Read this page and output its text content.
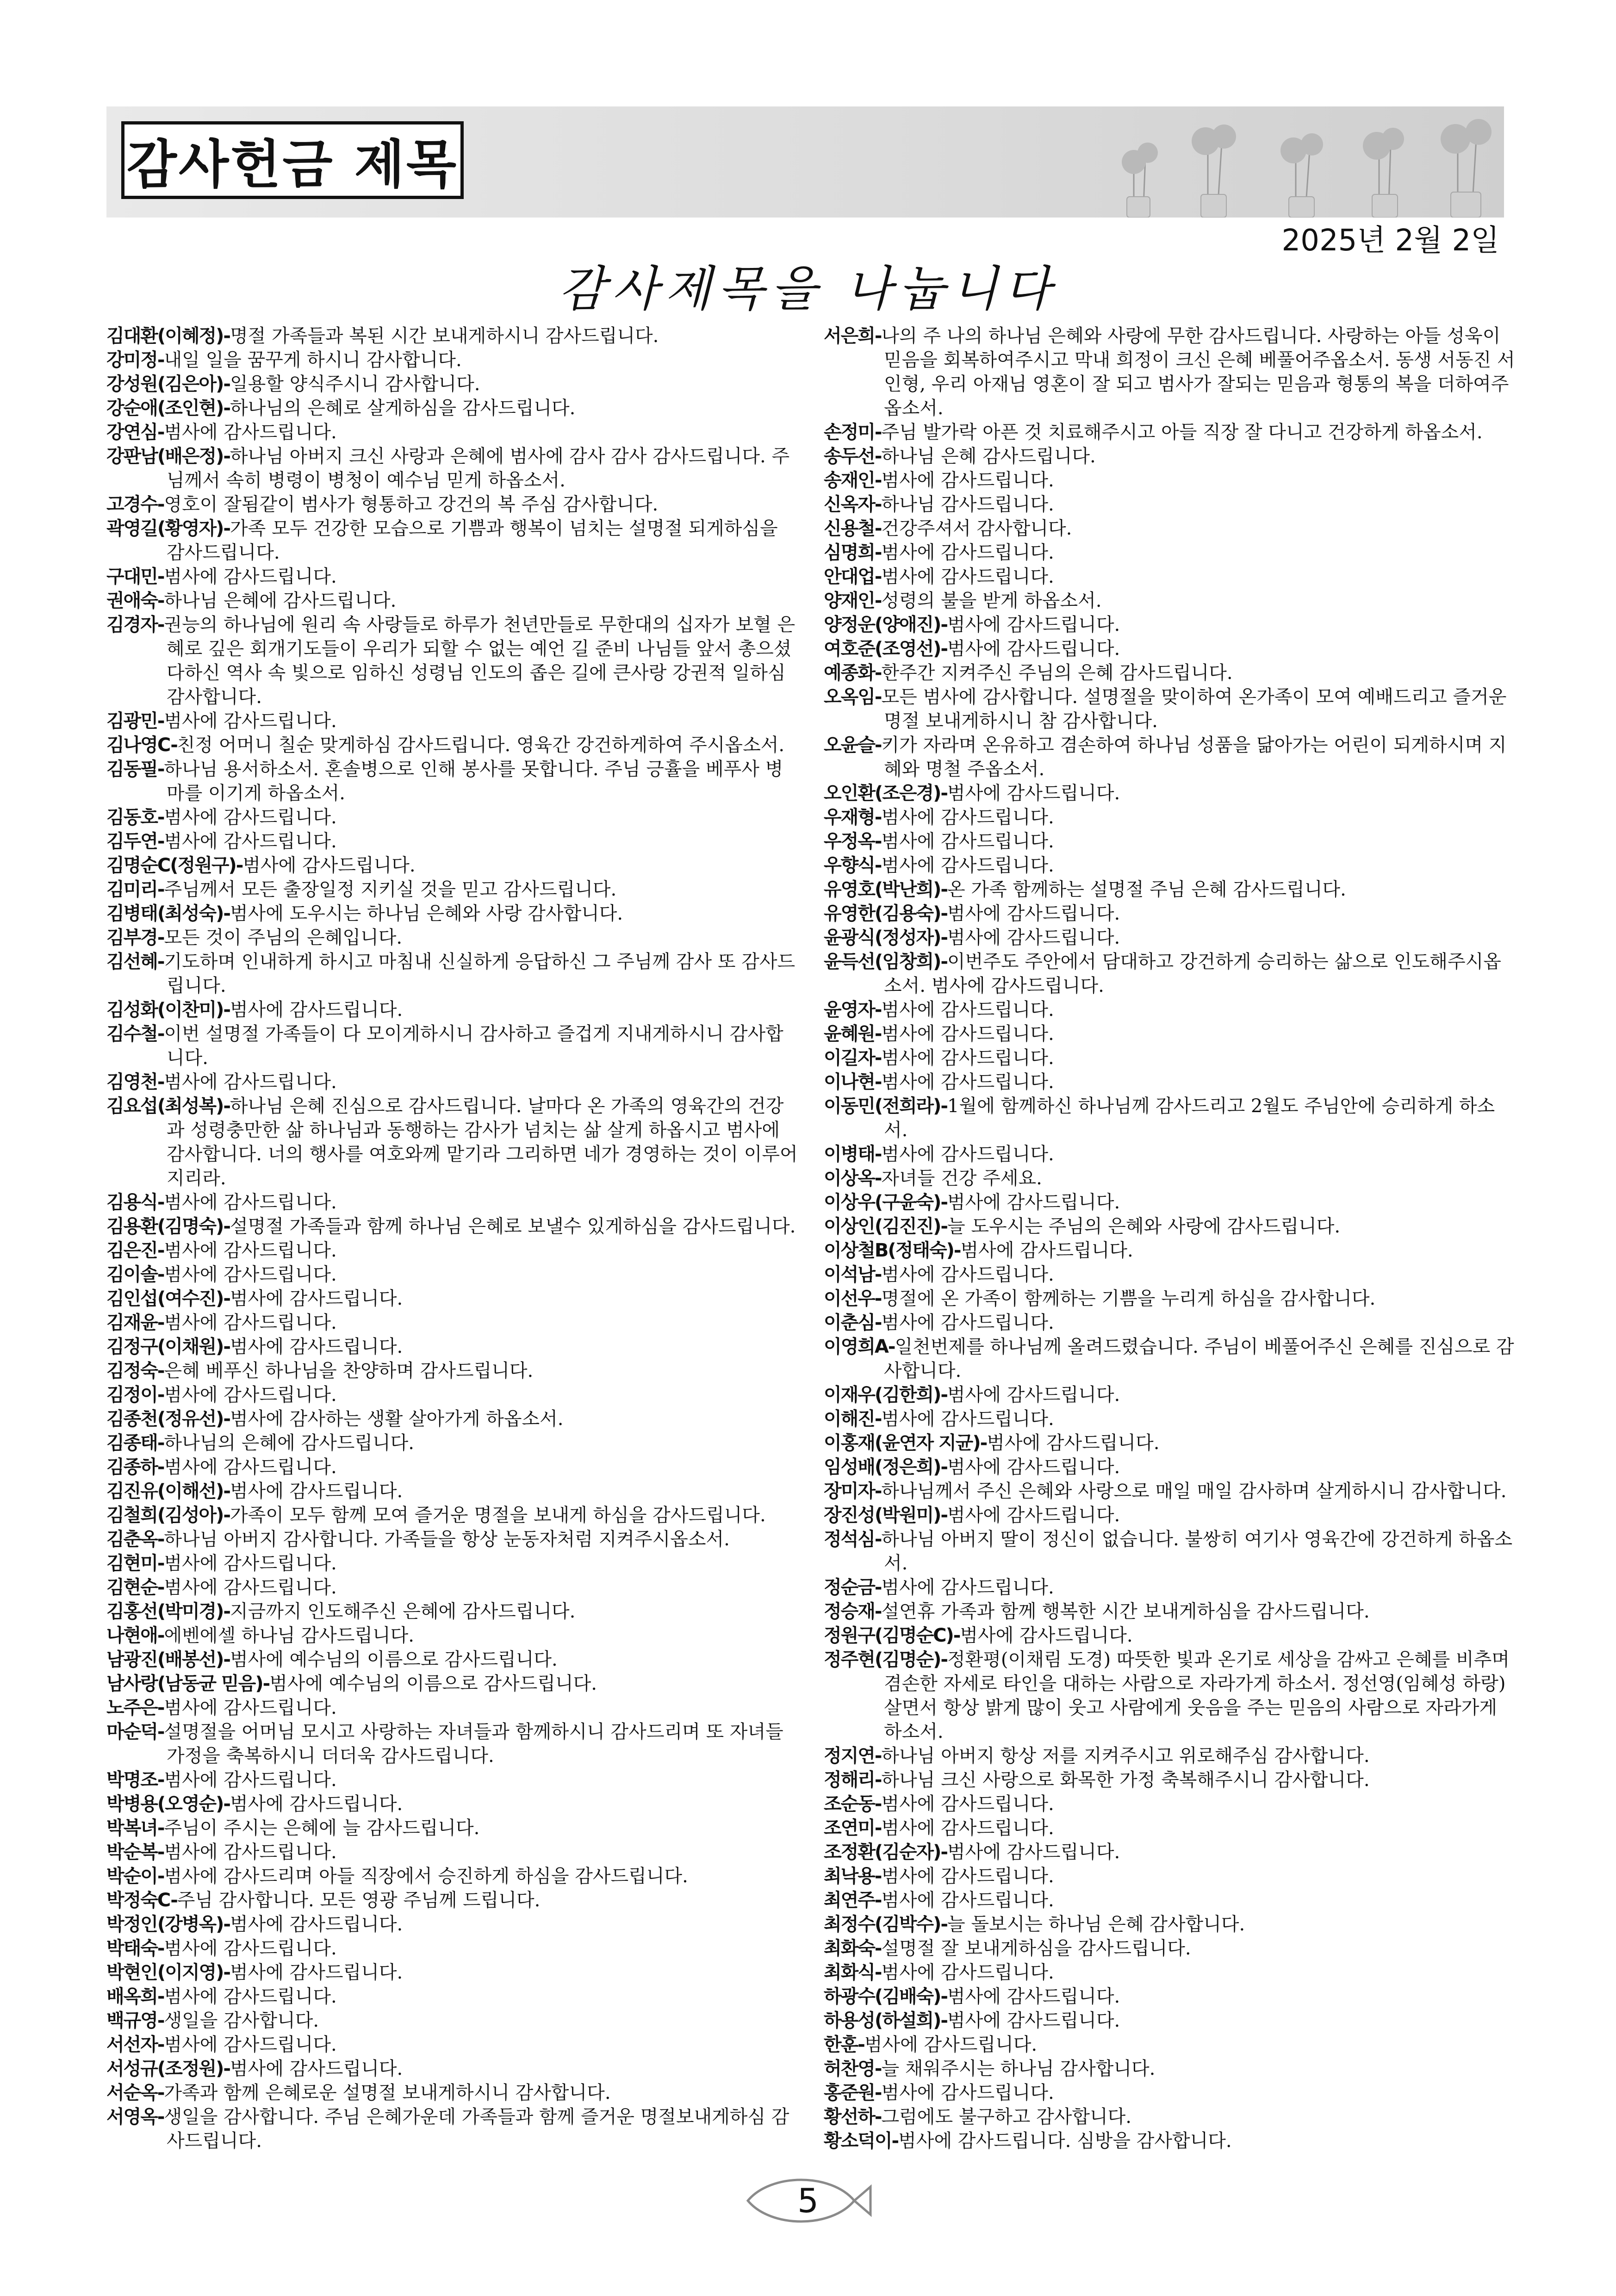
감사헌금 제목
2025년 2월 2일
감사제목을 나눕니다
김대환(이혜정)-명절 가족들과 복된 시간 보내게하시니 감사드립니다.
강미정-내일 일을 꿈꾸게 하시니 감사합니다.
강성원(김은아)-일용할 양식주시니 감사합니다.
강순애(조인현)-하나님의 은혜로 살게하심을 감사드립니다.
강연심-범사에 감사드립니다.
강판남(배은정)-하나님 아버지 크신 사랑과 은혜에 범사에 감사 감사 감사드립니다. 주님께서 속히 병령이 병청이 예수님 믿게 하옵소서.
고경수-영호이 잘됨같이 범사가 형통하고 강건의 복 주심 감사합니다.
곽영길(황영자)-가족 모두 건강한 모습으로 기쁨과 행복이 넘치는 설명절 되게하심을 감사드립니다.
구대민-범사에 감사드립니다.
권애숙-하나님 은혜에 감사드립니다.
김경자-권능의 하나님에 원리 속 사랑들로 하루가 천년만들로 무한대의 십자가 보혈 은혜로 깊은 회개기도들이 우리가 되할 수 없는 예언 길 준비 나님들 앞서 총으셨다하신 역사 속 빛으로 임하신 성령님 인도의 좁은 길에 큰사랑 강권적 일하심 감사합니다.
김광민-범사에 감사드립니다.
김나영C-친정 어머니 칠순 맞게하심 감사드립니다. 영육간 강건하게하여 주시옵소서.
김동필-하나님 용서하소서. 혼솔병으로 인해 봉사를 못합니다. 주님 긍휼을 베푸사 병마를 이기게 하옵소서.
김동호-범사에 감사드립니다.
김두연-범사에 감사드립니다.
김명순C(정원구)-범사에 감사드립니다.
김미리-주님께서 모든 출장일정 지키실 것을 믿고 감사드립니다.
김병태(최성숙)-범사에 도우시는 하나님 은혜와 사랑 감사합니다.
김부경-모든 것이 주님의 은혜입니다.
김선혜-기도하며 인내하게 하시고 마침내 신실하게 응답하신 그 주님께 감사 또 감사드립니다.
김성화(이찬미)-범사에 감사드립니다.
김수철-이번 설명절 가족들이 다 모이게하시니 감사하고 즐겁게 지내게하시니 감사합니다.
김영천-범사에 감사드립니다.
김요섭(최성복)-하나님 은혜 진심으로 감사드립니다. 날마다 온 가족의 영육간의 건강과 성령충만한 삶 하나님과 동행하는 감사가 넘치는 삶 살게 하옵시고 범사에 감사합니다. 너의 행사를 여호와께 맡기라 그리하면 네가 경영하는 것이 이루어지리라.
김용식-범사에 감사드립니다.
김용환(김명숙)-설명절 가족들과 함께 하나님 은혜로 보낼수 있게하심을 감사드립니다.
김은진-범사에 감사드립니다.
김이솔-범사에 감사드립니다.
김인섭(여수진)-범사에 감사드립니다.
김재윤-범사에 감사드립니다.
김정구(이채원)-범사에 감사드립니다.
김정숙-은혜 베푸신 하나님을 찬양하며 감사드립니다.
김정이-범사에 감사드립니다.
김종천(정유선)-범사에 감사하는 생활 살아가게 하옵소서.
김종태-하나님의 은혜에 감사드립니다.
김종하-범사에 감사드립니다.
김진유(이해선)-범사에 감사드립니다.
김철희(김성아)-가족이 모두 함께 모여 즐거운 명절을 보내게 하심을 감사드립니다.
김춘옥-하나님 아버지 감사합니다. 가족들을 항상 눈동자처럼 지켜주시옵소서.
김현미-범사에 감사드립니다.
김현순-범사에 감사드립니다.
김홍선(박미경)-지금까지 인도해주신 은혜에 감사드립니다.
나현애-에벤에셀 하나님 감사드립니다.
남광진(배봉선)-범사에 예수님의 이름으로 감사드립니다.
남사랑(남동균 믿음)-범사에 예수님의 이름으로 감사드립니다.
노주은-범사에 감사드립니다.
마순덕-설명절을 어머님 모시고 사랑하는 자녀들과 함께하시니 감사드리며 또 자녀들 가정을 축복하시니 더더욱 감사드립니다.
박명조-범사에 감사드립니다.
박병용(오영순)-범사에 감사드립니다.
박복녀-주님이 주시는 은혜에 늘 감사드립니다.
박순복-범사에 감사드립니다.
박순이-범사에 감사드리며 아들 직장에서 승진하게 하심을 감사드립니다.
박정숙C-주님 감사합니다. 모든 영광 주님께 드립니다.
박정인(강병옥)-범사에 감사드립니다.
박태숙-범사에 감사드립니다.
박현인(이지영)-범사에 감사드립니다.
배옥희-범사에 감사드립니다.
백규영-생일을 감사합니다.
서선자-범사에 감사드립니다.
서성규(조정원)-범사에 감사드립니다.
서순옥-가족과 함께 은혜로운 설명절 보내게하시니 감사합니다.
서영옥-생일을 감사합니다. 주님 은혜가운데 가족들과 함께 즐거운 명절보내게하심 감사드립니다.
서은희-나의 주 나의 하나님 은혜와 사랑에 무한 감사드립니다. 사랑하는 아들 성욱이 믿음을 회복하여주시고 막내 희정이 크신 은혜 베풀어주옵소서. 동생 서동진 서인형, 우리 아재님 영혼이 잘 되고 범사가 잘되는 믿음과 형통의 복을 더하여주옵소서.
손정미-주님 발가락 아픈 것 치료해주시고 아들 직장 잘 다니고 건강하게 하옵소서.
송두선-하나님 은혜 감사드립니다.
송재인-범사에 감사드립니다.
신옥자-하나님 감사드립니다.
신용철-건강주셔서 감사합니다.
심명희-범사에 감사드립니다.
안대업-범사에 감사드립니다.
양재인-성령의 불을 받게 하옵소서.
양정운(양애진)-범사에 감사드립니다.
여호준(조영선)-범사에 감사드립니다.
예종화-한주간 지켜주신 주님의 은혜 감사드립니다.
오옥임-모든 범사에 감사합니다. 설명절을 맞이하여 온가족이 모여 예배드리고 즐거운 명절 보내게하시니 참 감사합니다.
오윤슬-키가 자라며 온유하고 겸손하여 하나님 성품을 닮아가는 어린이 되게하시며 지혜와 명철 주옵소서.
오인환(조은경)-범사에 감사드립니다.
우재형-범사에 감사드립니다.
우정옥-범사에 감사드립니다.
우향식-범사에 감사드립니다.
유영호(박난희)-온 가족 함께하는 설명절 주님 은혜 감사드립니다.
유영한(김용숙)-범사에 감사드립니다.
윤광식(정성자)-범사에 감사드립니다.
윤득선(임창희)-이번주도 주안에서 담대하고 강건하게 승리하는 삶으로 인도해주시옵소서. 범사에 감사드립니다.
윤영자-범사에 감사드립니다.
윤혜원-범사에 감사드립니다.
이길자-범사에 감사드립니다.
이나현-범사에 감사드립니다.
이동민(전희라)-1월에 함께하신 하나님께 감사드리고 2월도 주님안에 승리하게 하소서.
이병태-범사에 감사드립니다.
이상옥-자녀들 건강 주세요.
이상우(구윤숙)-범사에 감사드립니다.
이상인(김진진)-늘 도우시는 주님의 은혜와 사랑에 감사드립니다.
이상철B(정태숙)-범사에 감사드립니다.
이석남-범사에 감사드립니다.
이선우-명절에 온 가족이 함께하는 기쁨을 누리게 하심을 감사합니다.
이춘심-범사에 감사드립니다.
이영희A-일천번제를 하나님께 올려드렸습니다. 주님이 베풀어주신 은혜를 진심으로 감사합니다.
이재우(김한희)-범사에 감사드립니다.
이해진-범사에 감사드립니다.
이홍재(윤연자 지균)-범사에 감사드립니다.
임성배(정은희)-범사에 감사드립니다.
장미자-하나님께서 주신 은혜와 사랑으로 매일 매일 감사하며 살게하시니 감사합니다.
장진성(박원미)-범사에 감사드립니다.
정석심-하나님 아버지 딸이 정신이 없습니다. 불쌍히 여기사 영육간에 강건하게 하옵소서.
정순금-범사에 감사드립니다.
정승재-설연휴 가족과 함께 행복한 시간 보내게하심을 감사드립니다.
정원구(김명순C)-범사에 감사드립니다.
정주현(김명순)-정환평(이채림 도경) 따뜻한 빛과 온기로 세상을 감싸고 은혜를 비추며 겸손한 자세로 타인을 대하는 사람으로 자라가게 하소서. 정선영(임혜성 하랑) 살면서 항상 밝게 많이 웃고 사람에게 웃음을 주는 믿음의 사람으로 자라가게 하소서.
정지연-하나님 아버지 항상 저를 지켜주시고 위로해주심 감사합니다.
정해리-하나님 크신 사랑으로 화목한 가정 축복해주시니 감사합니다.
조순동-범사에 감사드립니다.
조연미-범사에 감사드립니다.
조정환(김순자)-범사에 감사드립니다.
최낙용-범사에 감사드립니다.
최연주-범사에 감사드립니다.
최정수(김박수)-늘 돌보시는 하나님 은혜 감사합니다.
최화숙-설명절 잘 보내게하심을 감사드립니다.
최화식-범사에 감사드립니다.
하광수(김배숙)-범사에 감사드립니다.
하용성(하설희)-범사에 감사드립니다.
한훈-범사에 감사드립니다.
허찬영-늘 채워주시는 하나님 감사합니다.
홍준원-범사에 감사드립니다.
황선하-그럼에도 불구하고 감사합니다.
황소덕이-범사에 감사드립니다. 심방을 감사합니다.
5
